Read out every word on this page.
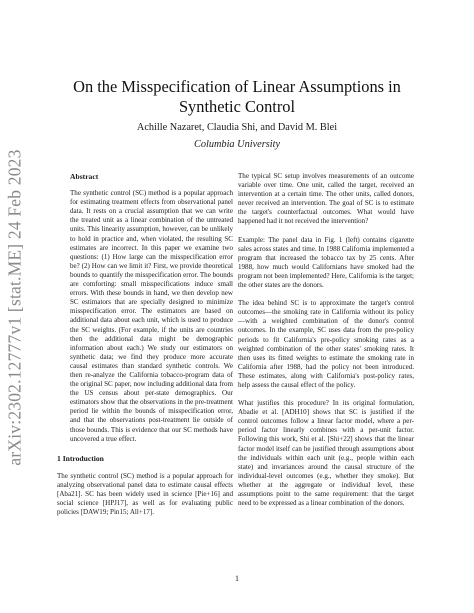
arXiv:2302.12777v1 [stat.ME] 24 Feb 2023
On the Misspecification of Linear Assumptions in Synthetic Control
Achille Nazaret, Claudia Shi, and David M. Blei
Columbia University
Abstract
The synthetic control (SC) method is a popular approach for estimating treatment effects from observational panel data. It rests on a crucial assumption that we can write the treated unit as a linear combination of the untreated units. This linearity assumption, however, can be unlikely to hold in practice and, when violated, the resulting SC estimates are incorrect. In this paper we examine two questions: (1) How large can the misspecification error be? (2) How can we limit it? First, we provide theoretical bounds to quantify the misspecification error. The bounds are comforting: small misspecifications induce small errors. With these bounds in hand, we then develop new SC estimators that are specially designed to minimize misspecification error. The estimators are based on additional data about each unit, which is used to produce the SC weights. (For example, if the units are countries then the additional data might be demographic information about each.) We study our estimators on synthetic data; we find they produce more accurate causal estimates than standard synthetic controls. We then re-analyze the California tobacco-program data of the original SC paper, now including additional data from the US census about per-state demographics. Our estimators show that the observations in the pre-treatment period lie within the bounds of misspecification error, and that the observations post-treatment lie outside of those bounds. This is evidence that our SC methods have uncovered a true effect.
1 Introduction
The synthetic control (SC) method is a popular approach for analyzing observational panel data to estimate causal effects [Aba21]. SC has been widely used in science [Pie+16] and social science [HPJ17], as well as for evaluating public policies [DAW19; Pin15; All+17].
The typical SC setup involves measurements of an outcome variable over time. One unit, called the target, received an intervention at a certain time. The other units, called donors, never received an intervention. The goal of SC is to estimate the target's counterfactual outcomes. What would have happened had it not received the intervention?
Example: The panel data in Fig. 1 (left) contains cigarette sales across states and time. In 1988 California implemented a program that increased the tobacco tax by 25 cents. After 1988, how much would Californians have smoked had the program not been implemented? Here, California is the target; the other states are the donors.
The idea behind SC is to approximate the target's control outcomes—the smoking rate in California without its policy—with a weighted combination of the donor's control outcomes. In the example, SC uses data from the pre-policy periods to fit California's pre-policy smoking rates as a weighted combination of the other states' smoking rates. It then uses its fitted weights to estimate the smoking rate in California after 1988, had the policy not been introduced. These estimates, along with California's post-policy rates, help assess the causal effect of the policy.
What justifies this procedure? In its original formulation, Abadie et al. [ADH10] shows that SC is justified if the control outcomes follow a linear factor model, where a per-period factor linearly combines with a per-unit factor. Following this work, Shi et al. [Shi+22] shows that the linear factor model itself can be justified through assumptions about the individuals within each unit (e.g., people within each state) and invariances around the causal structure of the individual-level outcomes (e.g., whether they smoke). But whether at the aggregate or individual level, these assumptions point to the same requirement: that the target need to be expressed as a linear combination of the donors.
1
